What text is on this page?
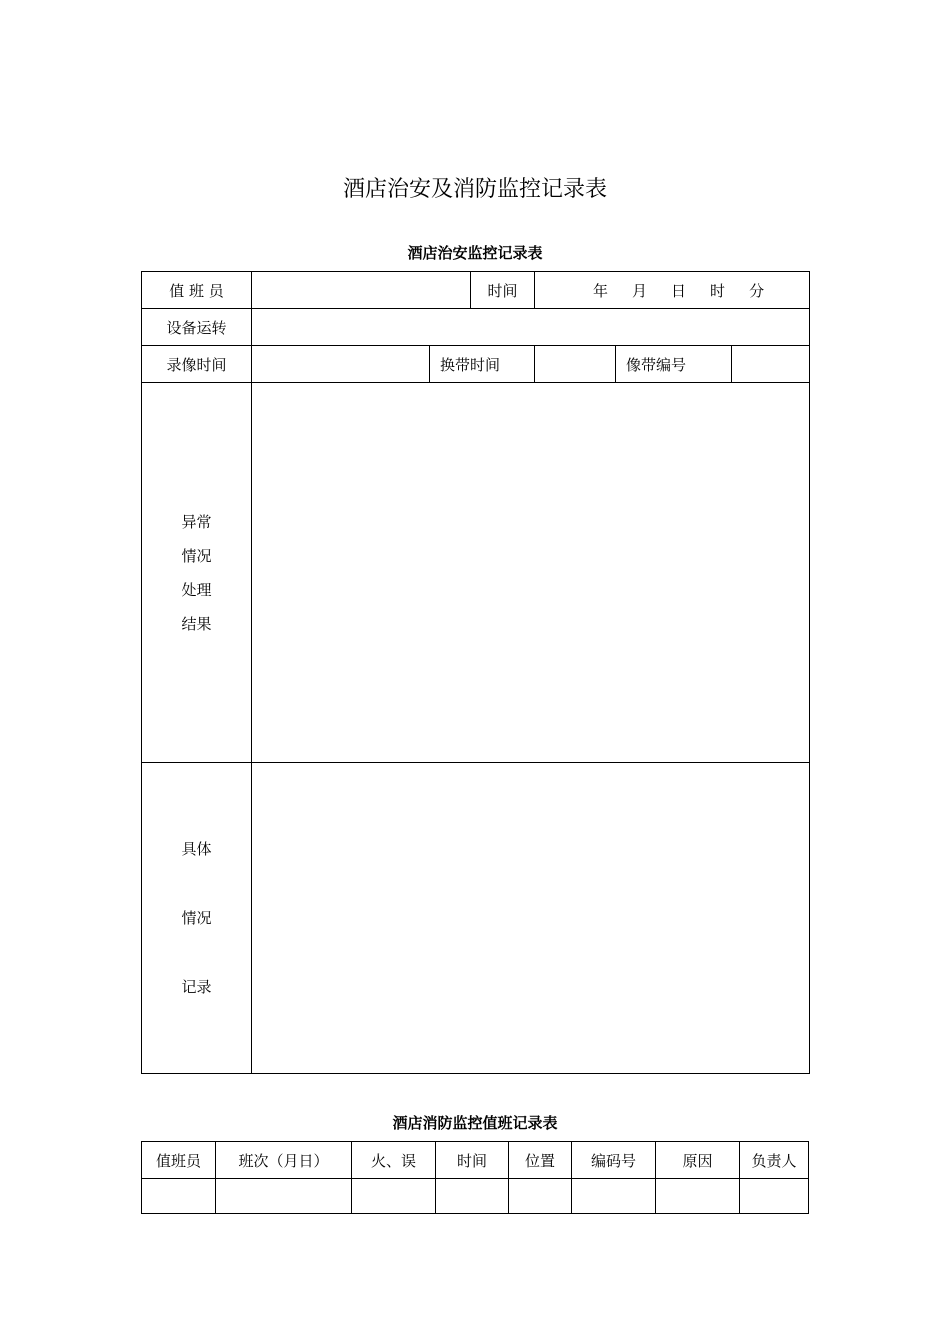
酒店治安及消防监控记录表
酒店治安监控记录表
值 班 员			时间	年 月 日 时 分		
设备运转						
录像时间		换带时间			像带编号	

异常
情况
处理
结果						

具体
情况
记录						

酒店消防监控值班记录表
值班员	班次（月日）	火、误	时间	位置	编码号	原因	负责人
